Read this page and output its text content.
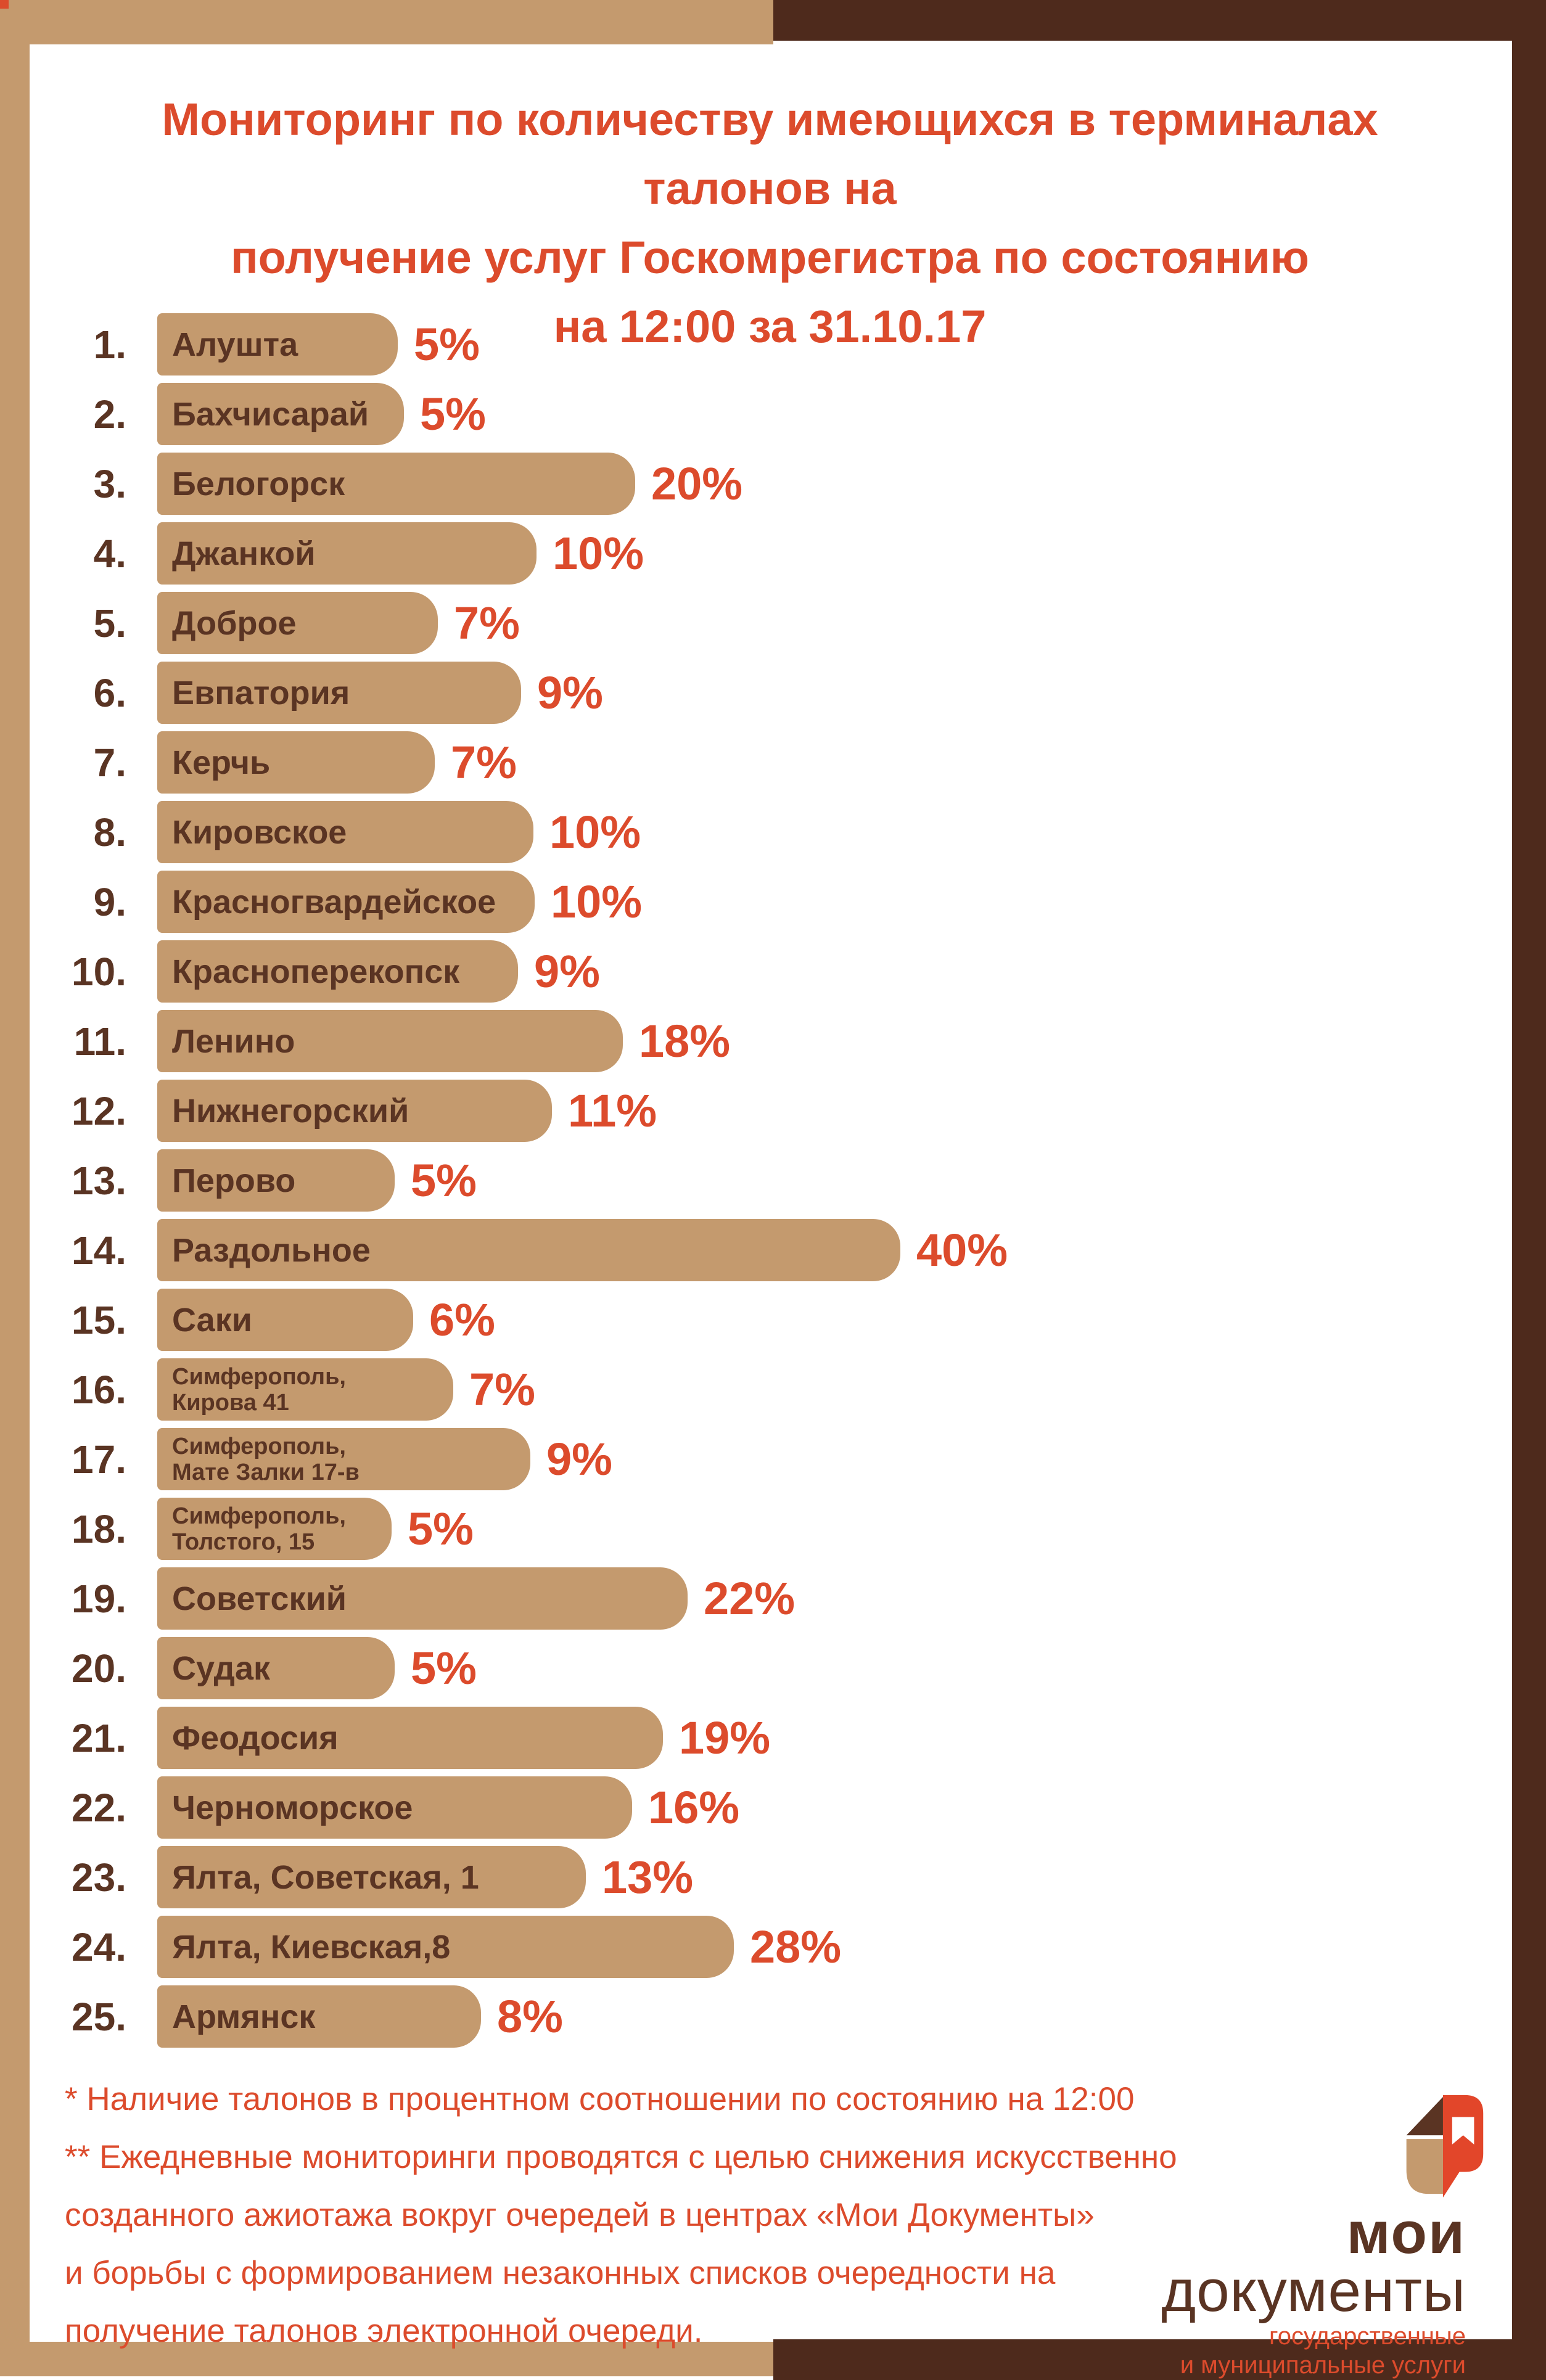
Мониторинг по количеству имеющихся в терминалах талонов на
получение услуг Госкомрегистра по состоянию
на 12:00 за 31.10.17
1. Алушта	5%
2. Бахчисарай	5%
3. Белогорск	20%
4. Джанкой	10%
5. Доброе	7%
6. Евпатория	9%
7. Керчь	7%
8. Кировское	10%
9. Красногвардейское	10%
10. Красноперекопск	9%
11. Ленино	18%
12. Нижнегорский	11%
13. Перово	5%
14. Раздольное	40%
15. Саки	6%
16. Симферополь,
Кирова 41	7%
17. Симферополь,
Мате Залки 17-в	9%
18. Симферополь,
Толстого, 15	5%
19. Советский	22%
20. Судак	5%
21. Феодосия	19%
22. Черноморское	16%
23. Ялта, Советская, 1	13%
24. Ялта, Киевская,8	28%
25. Армянск	8%
* Наличие талонов в процентном соотношении по состоянию на 12:00
** Ежедневные мониторинги проводятся с целью снижения искусственно
созданного ажиотажа вокруг очередей в центрах «Мои Документы»
и борьбы с формированием незаконных списков очередности на
получение талонов электронной очереди.
мои
документы
государственные
и муниципальные услуги
